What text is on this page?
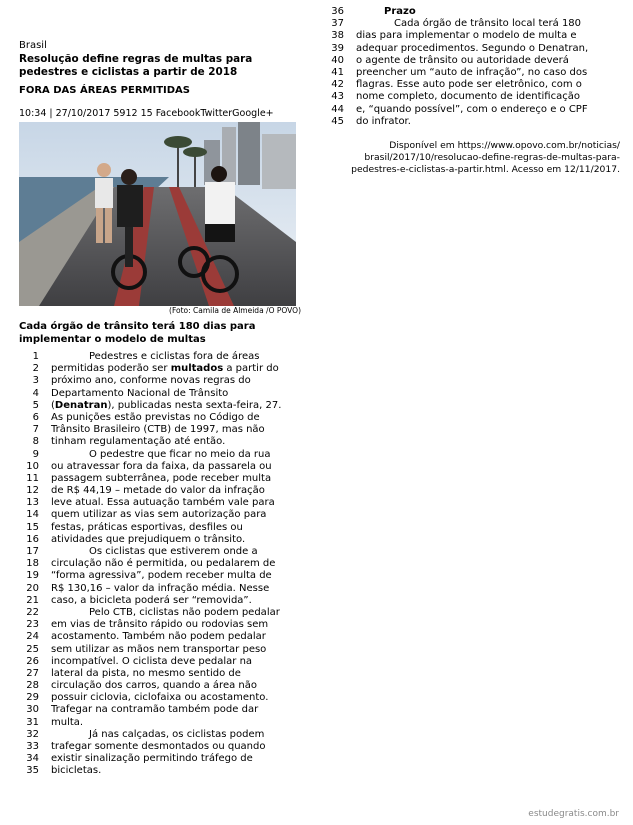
Brasil
Resolução define regras de multas para
pedestres e ciclistas a partir de 2018
FORA DAS ÁREAS PERMITIDAS
10:34 | 27/10/2017 5912 15 FacebookTwitterGoogle+
(Foto: Camila de Almeida /O POVO)
Cada órgão de trânsito terá 180 dias para
implementar o modelo de multas
1	Pedestres e ciclistas fora de áreas
2 permitidas poderão ser multados a partir do
3 próximo ano, conforme novas regras do
4 Departamento Nacional de Trânsito
5 (Denatran), publicadas nesta sexta-feira, 27.
6 As punições estão previstas no Código de
7 Trânsito Brasileiro (CTB) de 1997, mas não
8 tinham regulamentação até então.
9	O pedestre que ficar no meio da rua
10 ou atravessar fora da faixa, da passarela ou
11 passagem subterrânea, pode receber multa
12 de R$ 44,19 – metade do valor da infração
13 leve atual. Essa autuação também vale para
14 quem utilizar as vias sem autorização para
15 festas, práticas esportivas, desfiles ou
16 atividades que prejudiquem o trânsito.
17	Os ciclistas que estiverem onde a
18 circulação não é permitida, ou pedalarem de
19 “forma agressiva”, podem receber multa de
20 R$ 130,16 – valor da infração média. Nesse
21 caso, a bicicleta poderá ser “removida”.
22	Pelo CTB, ciclistas não podem pedalar
23 em vias de trânsito rápido ou rodovias sem
24 acostamento. Também não podem pedalar
25 sem utilizar as mãos nem transportar peso
26 incompatível. O ciclista deve pedalar na
27 lateral da pista, no mesmo sentido de
28 circulação dos carros, quando a área não
29 possuir ciclovia, ciclofaixa ou acostamento.
30 Trafegar na contramão também pode dar
31 multa.
32	Já nas calçadas, os ciclistas podem
33 trafegar somente desmontados ou quando
34 existir sinalização permitindo tráfego de
35 bicicletas.
36	Prazo
37	Cada órgão de trânsito local terá 180
38 dias para implementar o modelo de multa e
39 adequar procedimentos. Segundo o Denatran,
40 o agente de trânsito ou autoridade deverá
41 preencher um “auto de infração”, no caso dos
42 flagras. Esse auto pode ser eletrônico, com o
43 nome completo, documento de identificação
44 e, “quando possível”, com o endereço e o CPF
45 do infrator.
Disponível em https://www.opovo.com.br/noticias/
brasil/2017/10/resolucao-define-regras-de-multas-para-
pedestres-e-ciclistas-a-partir.html. Acesso em 12/11/2017.
estudegratis.com.br
